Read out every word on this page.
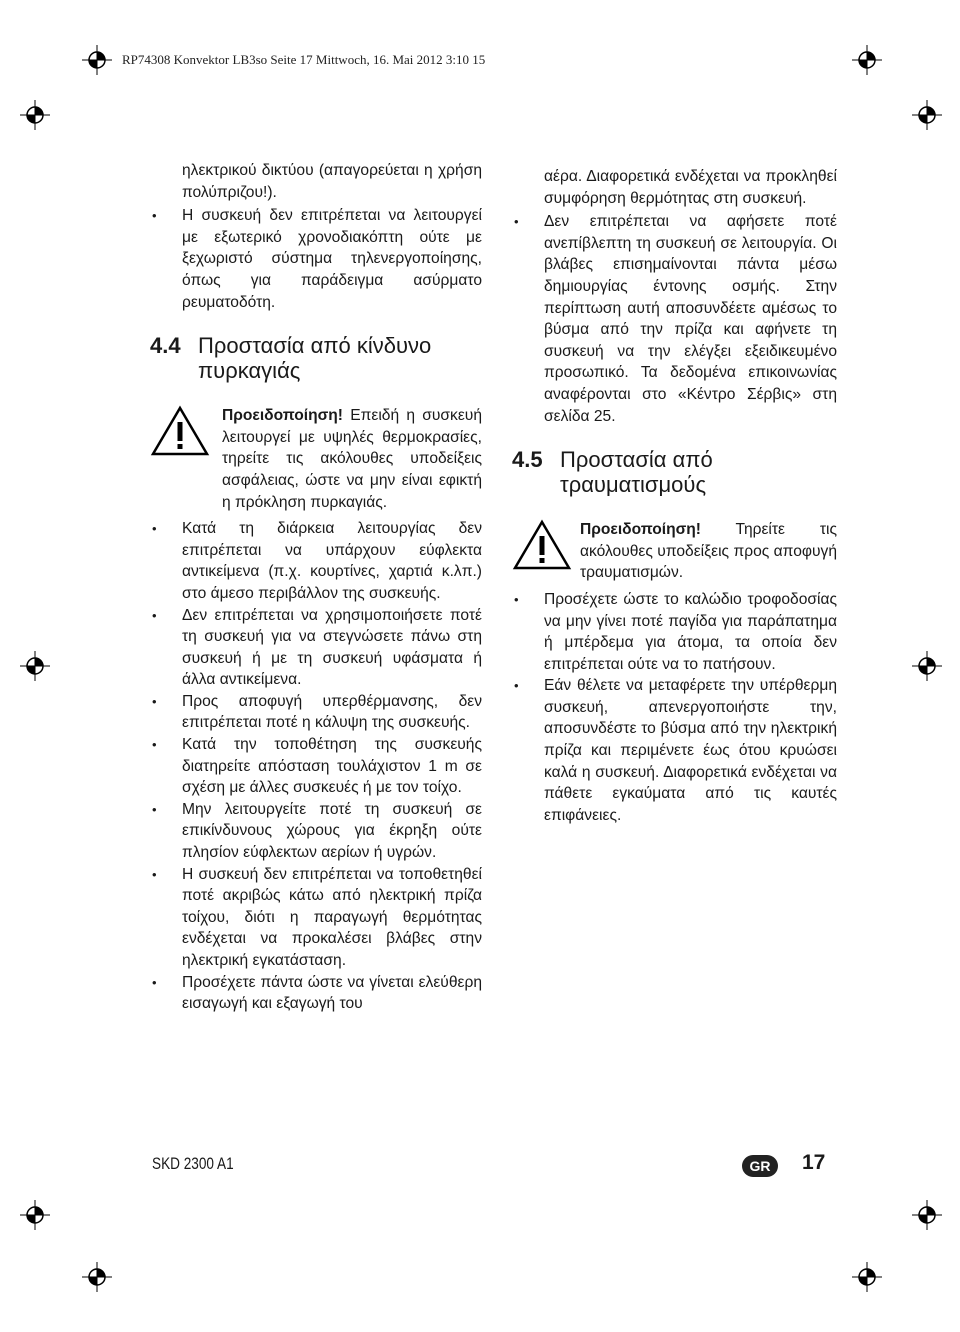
RP74308 Konvektor LB3so Seite 17 Mittwoch, 16. Mai 2012 3:10 15

ηλεκτρικού δικτύου (απαγορεύεται η χρήση πολύπριζου!).

• Η συσκευή δεν επιτρέπεται να λειτουργεί με εξωτερικό χρονοδιακόπτη ούτε με ξεχωριστό σύστημα τηλενεργοποίησης, όπως για παράδειγμα ασύρματο ρευματοδότη.
4.4 Προστασία από κίνδυνο πυρκαγιάς
Προειδοποίηση! Επειδή η συσκευή λειτουργεί με υψηλές θερμοκρασίες, τηρείτε τις ακόλουθες υποδείξεις ασφάλειας, ώστε να μην είναι εφικτή η πρόκληση πυρκαγιάς.
• Κατά τη διάρκεια λειτουργίας δεν επιτρέπεται να υπάρχουν εύφλεκτα αντικείμενα (π.χ. κουρτίνες, χαρτιά κ.λπ.) στο άμεσο περιβάλλον της συσκευής.
• Δεν επιτρέπεται να χρησιμοποιήσετε ποτέ τη συσκευή για να στεγνώσετε πάνω στη συσκευή ή με τη συσκευή υφάσματα ή άλλα αντικείμενα.
• Προς αποφυγή υπερθέρμανσης, δεν επιτρέπεται ποτέ η κάλυψη της συσκευής.
• Κατά την τοποθέτηση της συσκευής διατηρείτε απόσταση τουλάχιστον 1 m σε σχέση με άλλες συσκευές ή με τον τοίχο.
• Μην λειτουργείτε ποτέ τη συσκευή σε επικίνδυνους χώρους για έκρηξη ούτε πλησίον εύφλεκτων αερίων ή υγρών.
• Η συσκευή δεν επιτρέπεται να τοποθετηθεί ποτέ ακριβώς κάτω από ηλεκτρική πρίζα τοίχου, διότι η παραγωγή θερμότητας ενδέχεται να προκαλέσει βλάβες στην ηλεκτρική εγκατάσταση.
• Προσέχετε πάντα ώστε να γίνεται ελεύθερη εισαγωγή και εξαγωγή του

αέρα. Διαφορετικά ενδέχεται να προκληθεί συμφόρηση θερμότητας στη συσκευή.

• Δεν επιτρέπεται να αφήσετε ποτέ ανεπίβλεπτη τη συσκευή σε λειτουργία. Οι βλάβες επισημαίνονται πάντα μέσω δημιουργίας έντονης οσμής. Στην περίπτωση αυτή αποσυνδέετε αμέσως το βύσμα από την πρίζα και αφήνετε τη συσκευή να την ελέγξει εξειδικευμένο προσωπικό. Τα δεδομένα επικοινωνίας αναφέρονται στο «Κέντρο Σέρβις» στη σελίδα 25.
4.5 Προστασία από τραυματισμούς
Προειδοποίηση! Τηρείτε τις ακόλουθες υποδείξεις προς αποφυγή τραυματισμών.
• Προσέχετε ώστε το καλώδιο τροφοδοσίας να μην γίνει ποτέ παγίδα για παράπατημα ή μπέρδεμα για άτομα, τα οποία δεν επιτρέπεται ούτε να το πατήσουν.
• Εάν θέλετε να μεταφέρετε την υπέρθερμη συσκευή, απενεργοποιήστε την, αποσυνδέστε το βύσμα από την ηλεκτρική πρίζα και περιμένετε έως ότου κρυώσει καλά η συσκευή. Διαφορετικά ενδέχεται να πάθετε εγκαύματα από τις καυτές επιφάνειες.
SKD 2300 A1	GR	17
